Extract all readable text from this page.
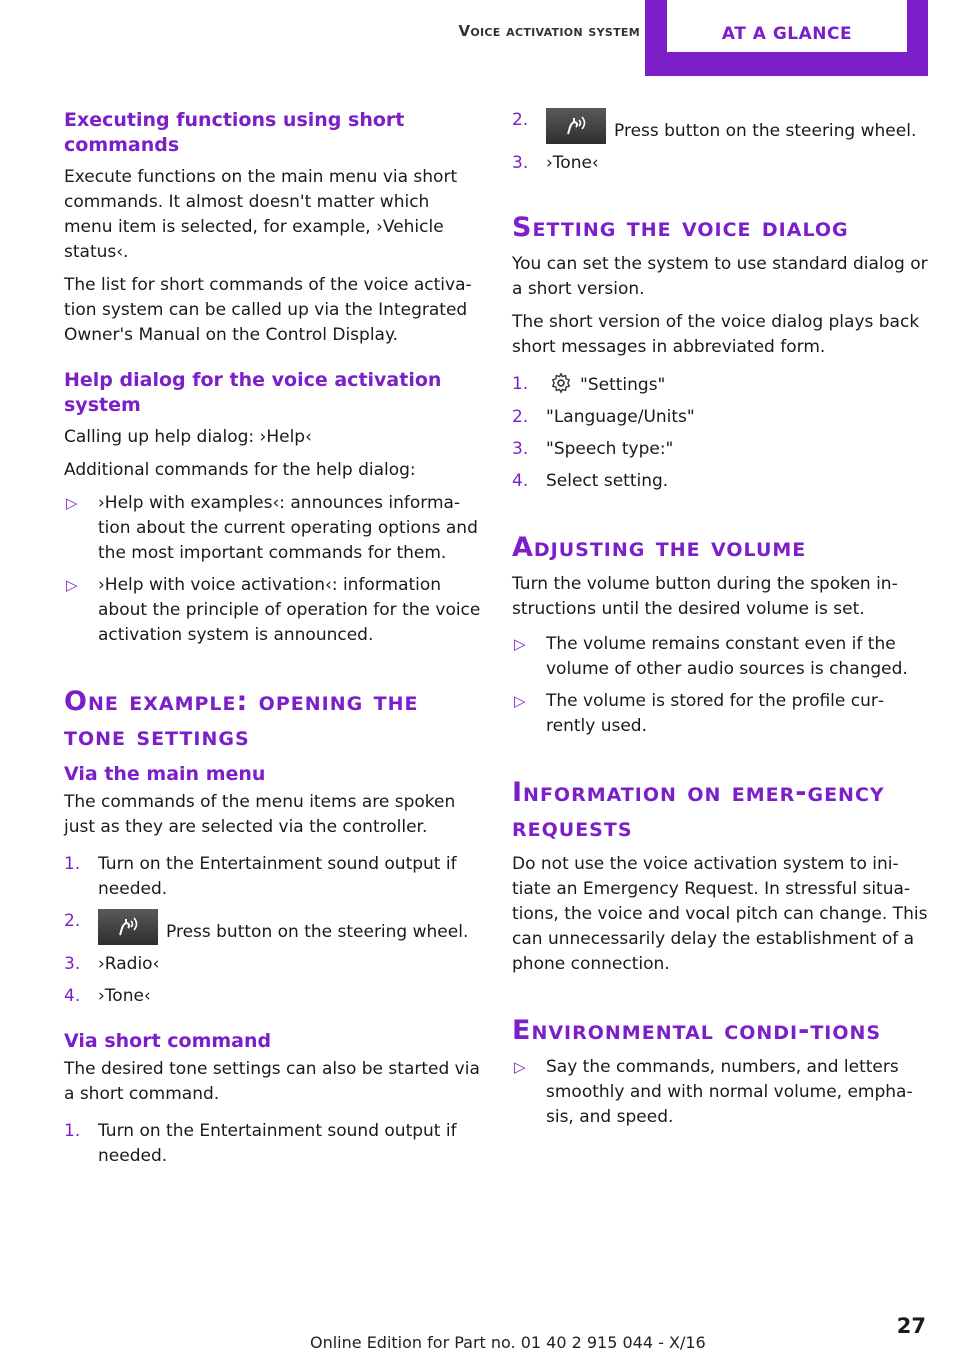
Voice activation system	AT A GLANCE
Executing functions using short commands

Execute functions on the main menu via short commands. It almost doesn't matter which menu item is selected, for example, ›Vehicle status‹.

The list for short commands of the voice activa‐tion system can be called up via the Integrated Owner's Manual on the Control Display.

Help dialog for the voice activation system

Calling up help dialog: ›Help‹

Additional commands for the help dialog:

▷ ›Help with examples‹: announces informa‐tion about the current operating options and the most important commands for them.
▷ ›Help with voice activation‹: information about the principle of operation for the voice activation system is announced.
One example: opening the tone settings
Via the main menu

The commands of the menu items are spoken just as they are selected via the controller.

1. Turn on the Entertainment sound output if needed.
2.
Press button on the steering wheel.
3. ›Radio‹
4. ›Tone‹
Via short command

The desired tone settings can also be started via a short command.

1. Turn on the Entertainment sound output if needed.
2.
Press button on the steering wheel.
3. ›Tone‹
Setting the voice dialog

You can set the system to use standard dialog or a short version.

The short version of the voice dialog plays back short messages in abbreviated form.

1.	"Settings"
2. "Language/Units"
3. "Speech type:"
4. Select setting.
Adjusting the volume

Turn the volume button during the spoken in‐structions until the desired volume is set.

▷ The volume remains constant even if the volume of other audio sources is changed.
▷ The volume is stored for the profile cur‐rently used.
Information on emer‐gency requests

Do not use the voice activation system to ini‐tiate an Emergency Request. In stressful situa‐tions, the voice and vocal pitch can change. This can unnecessarily delay the establishment of a phone connection.

Environmental condi‐tions
▷ Say the commands, numbers, and letters smoothly and with normal volume, empha‐sis, and speed.
27
Online Edition for Part no. 01 40 2 915 044 - X/16
